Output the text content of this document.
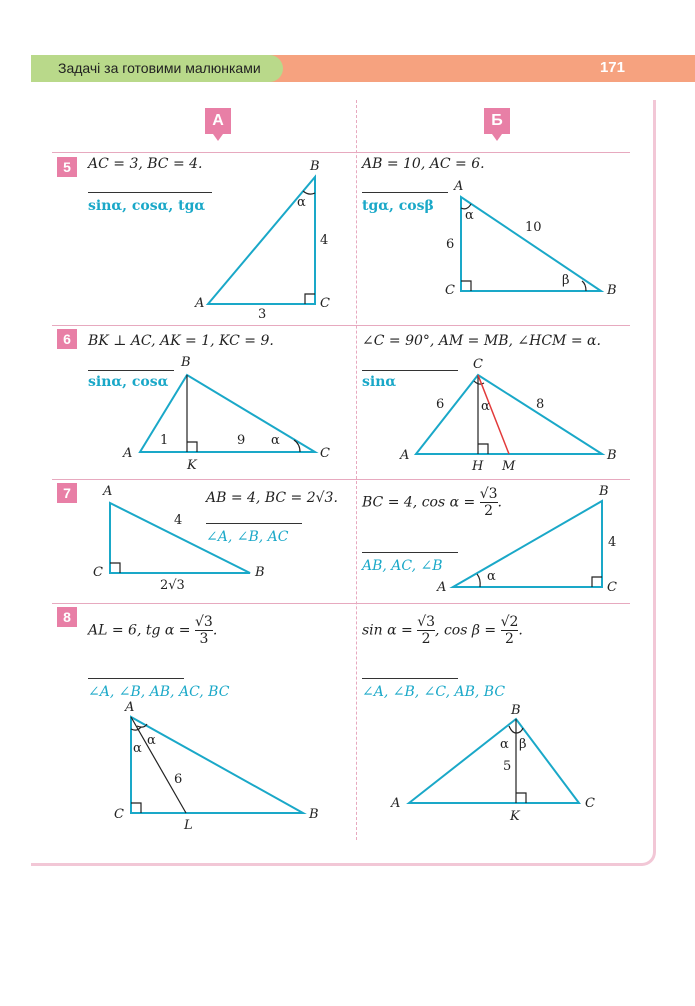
Задачі за готовими малюнками	171
А	Б
5	AC = 3, BC = 4.
sinα, cosα, tgα
AB = 10, AC = 6.
tgα, cosβ
6	BK ⊥ AC, AK = 1, KC = 9.
sinα, cosα
∠C = 90°, AM = MB, ∠HCM = α.
sinα
7	AB = 4, BC = 2√3.
∠A, ∠B, AC
BC = 4, $\cos \alpha = \frac{√3}{2}$ .
AB, AC, ∠B
8
AL = 6, tg $\alpha = \frac{√3}{3}$ .
∠A, ∠B, AB, AC, BC
$\sin \alpha = \frac{√3}{2}$ , $\cos \beta = \frac{√2}{2}$ .
∠A, ∠B, ∠C, AB, BC
A
B
C
A
B
C
A
B
C
K
A	B
C
H M
A
B
C
A
B
C
A
B
C
L
A
B
C
K
4
3
α
10
6
α
β
1	9 α
6	8
α
4
2√3
4
α
6
α
α
5
α β
